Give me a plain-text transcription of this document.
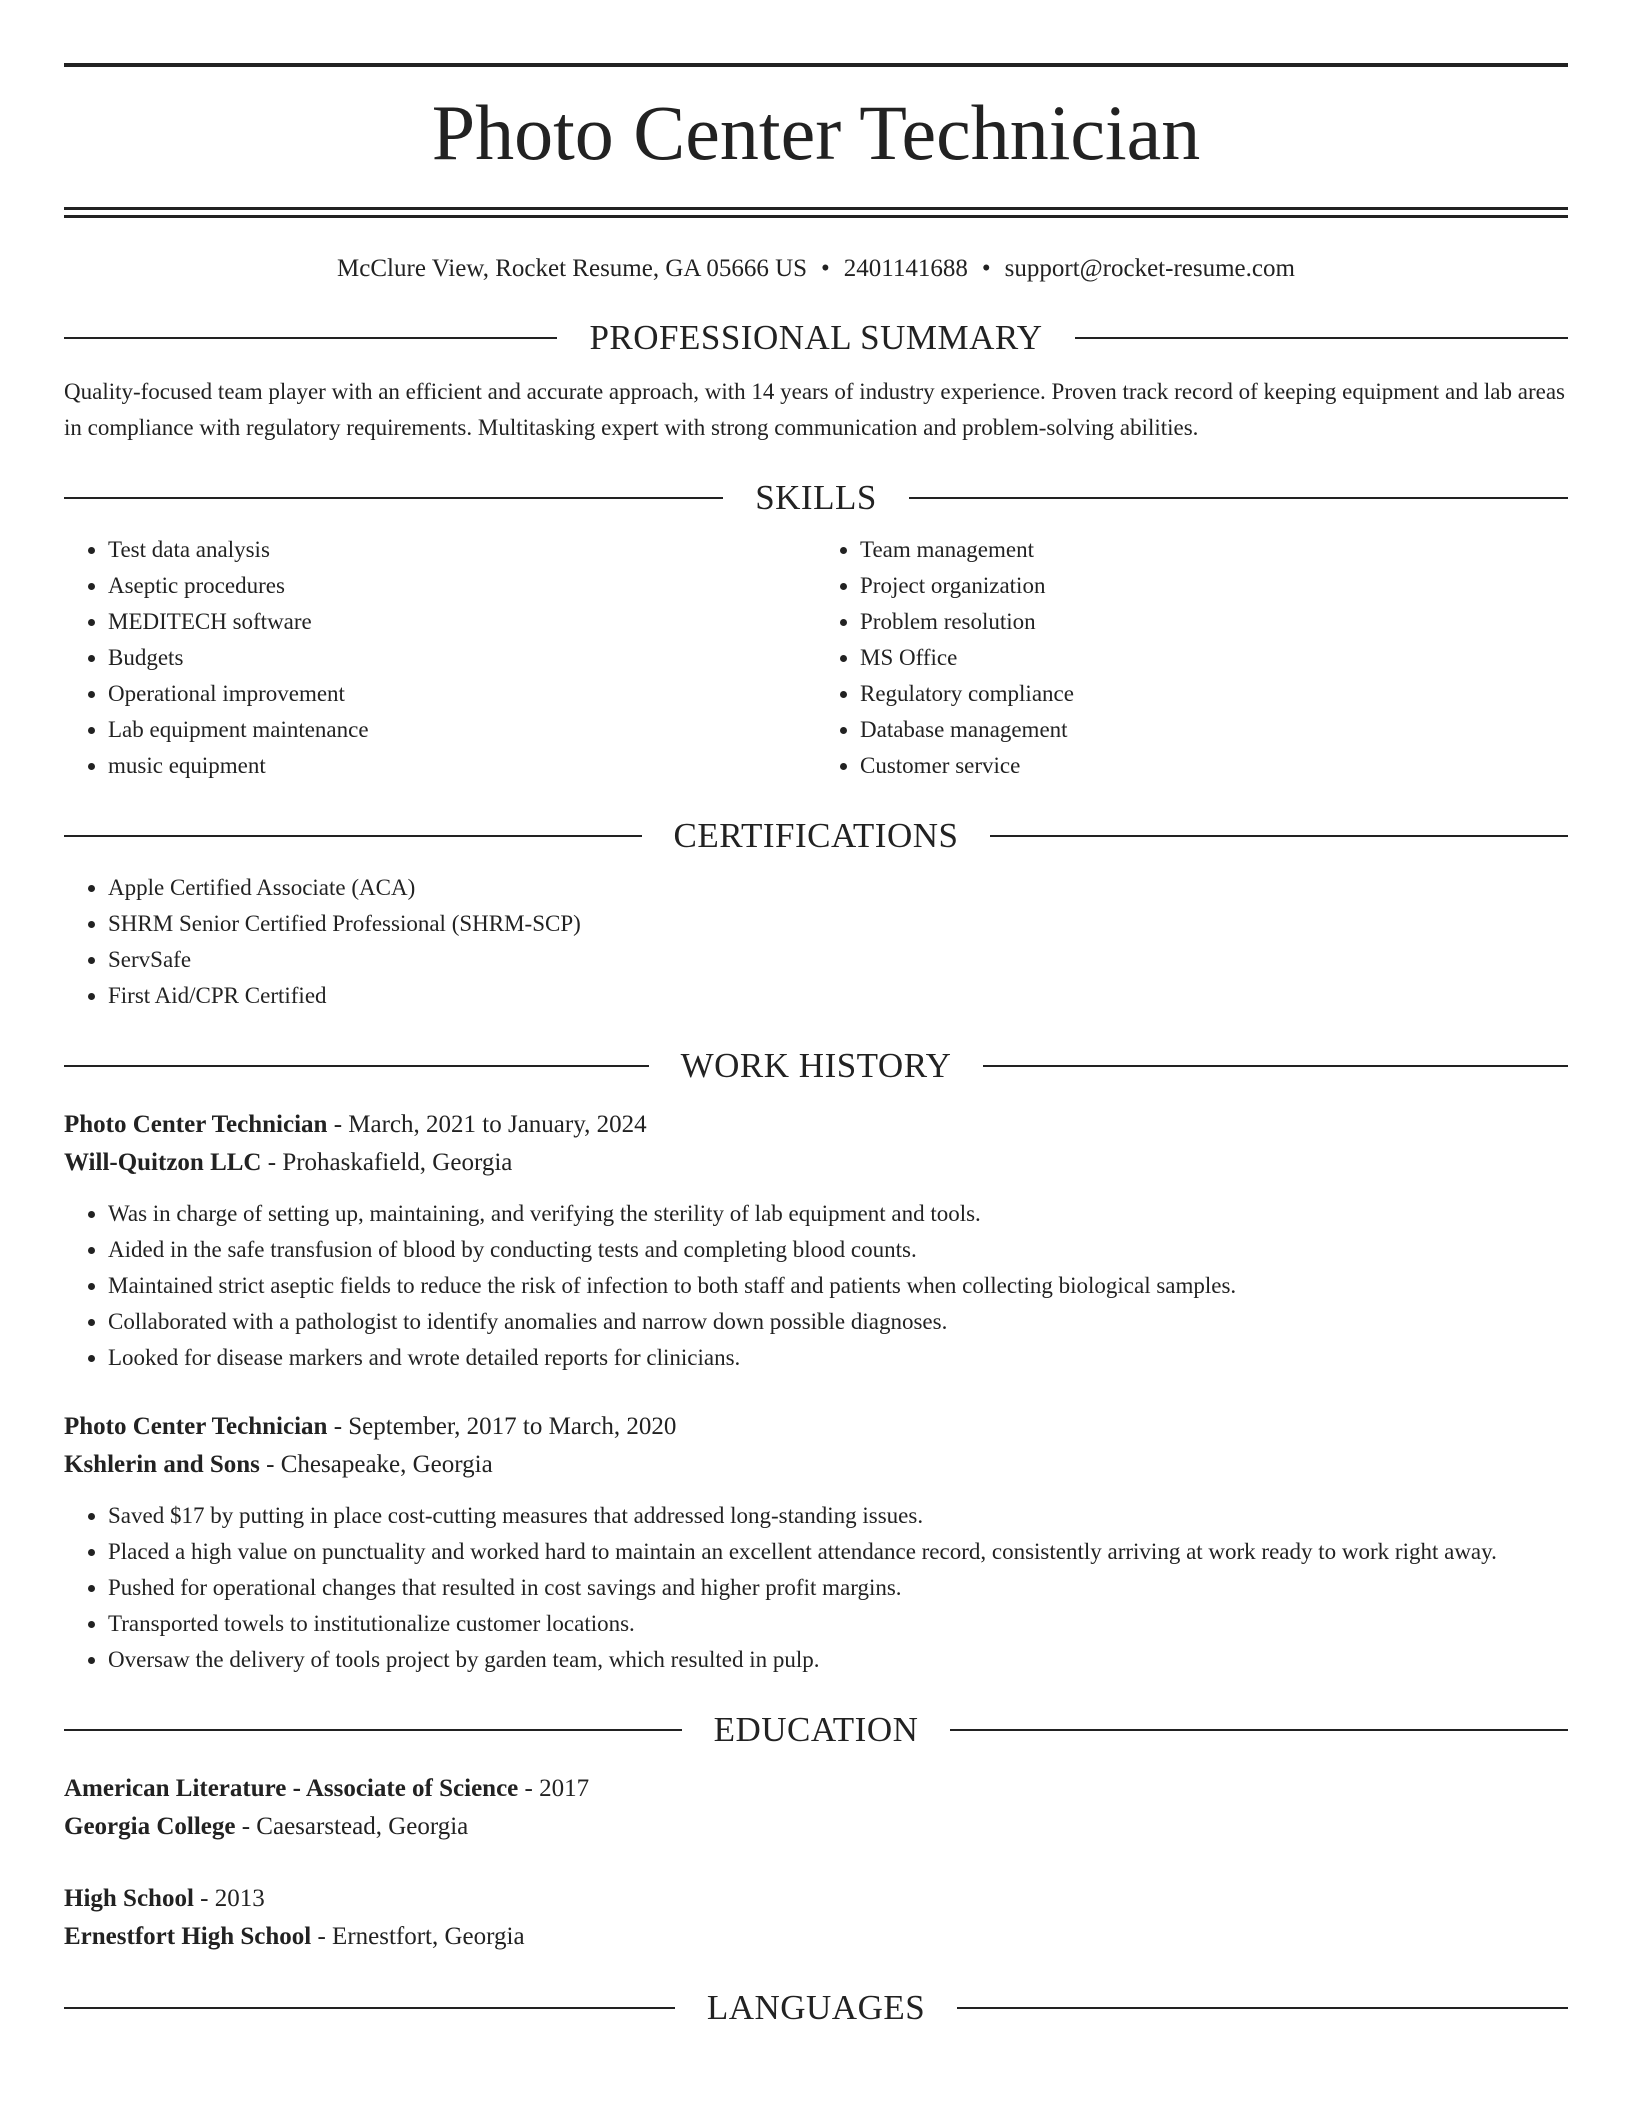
Photo Center Technician
McClure View, Rocket Resume, GA 05666 US • 2401141688 • support@rocket-resume.com
PROFESSIONAL SUMMARY
Quality-focused team player with an efficient and accurate approach, with 14 years of industry experience. Proven track record of keeping equipment and lab areas in compliance with regulatory requirements. Multitasking expert with strong communication and problem-solving abilities.
SKILLS
• Test data analysis
• Aseptic procedures
• MEDITECH software
• Budgets
• Operational improvement
• Lab equipment maintenance
• music equipment
• Team management
• Project organization
• Problem resolution
• MS Office
• Regulatory compliance
• Database management
• Customer service
CERTIFICATIONS
• Apple Certified Associate (ACA)
• SHRM Senior Certified Professional (SHRM-SCP)
• ServSafe
• First Aid/CPR Certified
WORK HISTORY
Photo Center Technician - March, 2021 to January, 2024
Will-Quitzon LLC - Prohaskafield, Georgia
• Was in charge of setting up, maintaining, and verifying the sterility of lab equipment and tools.
• Aided in the safe transfusion of blood by conducting tests and completing blood counts.
• Maintained strict aseptic fields to reduce the risk of infection to both staff and patients when collecting biological samples.
• Collaborated with a pathologist to identify anomalies and narrow down possible diagnoses.
• Looked for disease markers and wrote detailed reports for clinicians.
Photo Center Technician - September, 2017 to March, 2020
Kshlerin and Sons - Chesapeake, Georgia
• Saved $17 by putting in place cost-cutting measures that addressed long-standing issues.
• Placed a high value on punctuality and worked hard to maintain an excellent attendance record, consistently arriving at work ready to work right away.
• Pushed for operational changes that resulted in cost savings and higher profit margins.
• Transported towels to institutionalize customer locations.
• Oversaw the delivery of tools project by garden team, which resulted in pulp.
EDUCATION
American Literature - Associate of Science - 2017
Georgia College - Caesarstead, Georgia
High School - 2013
Ernestfort High School - Ernestfort, Georgia
LANGUAGES
